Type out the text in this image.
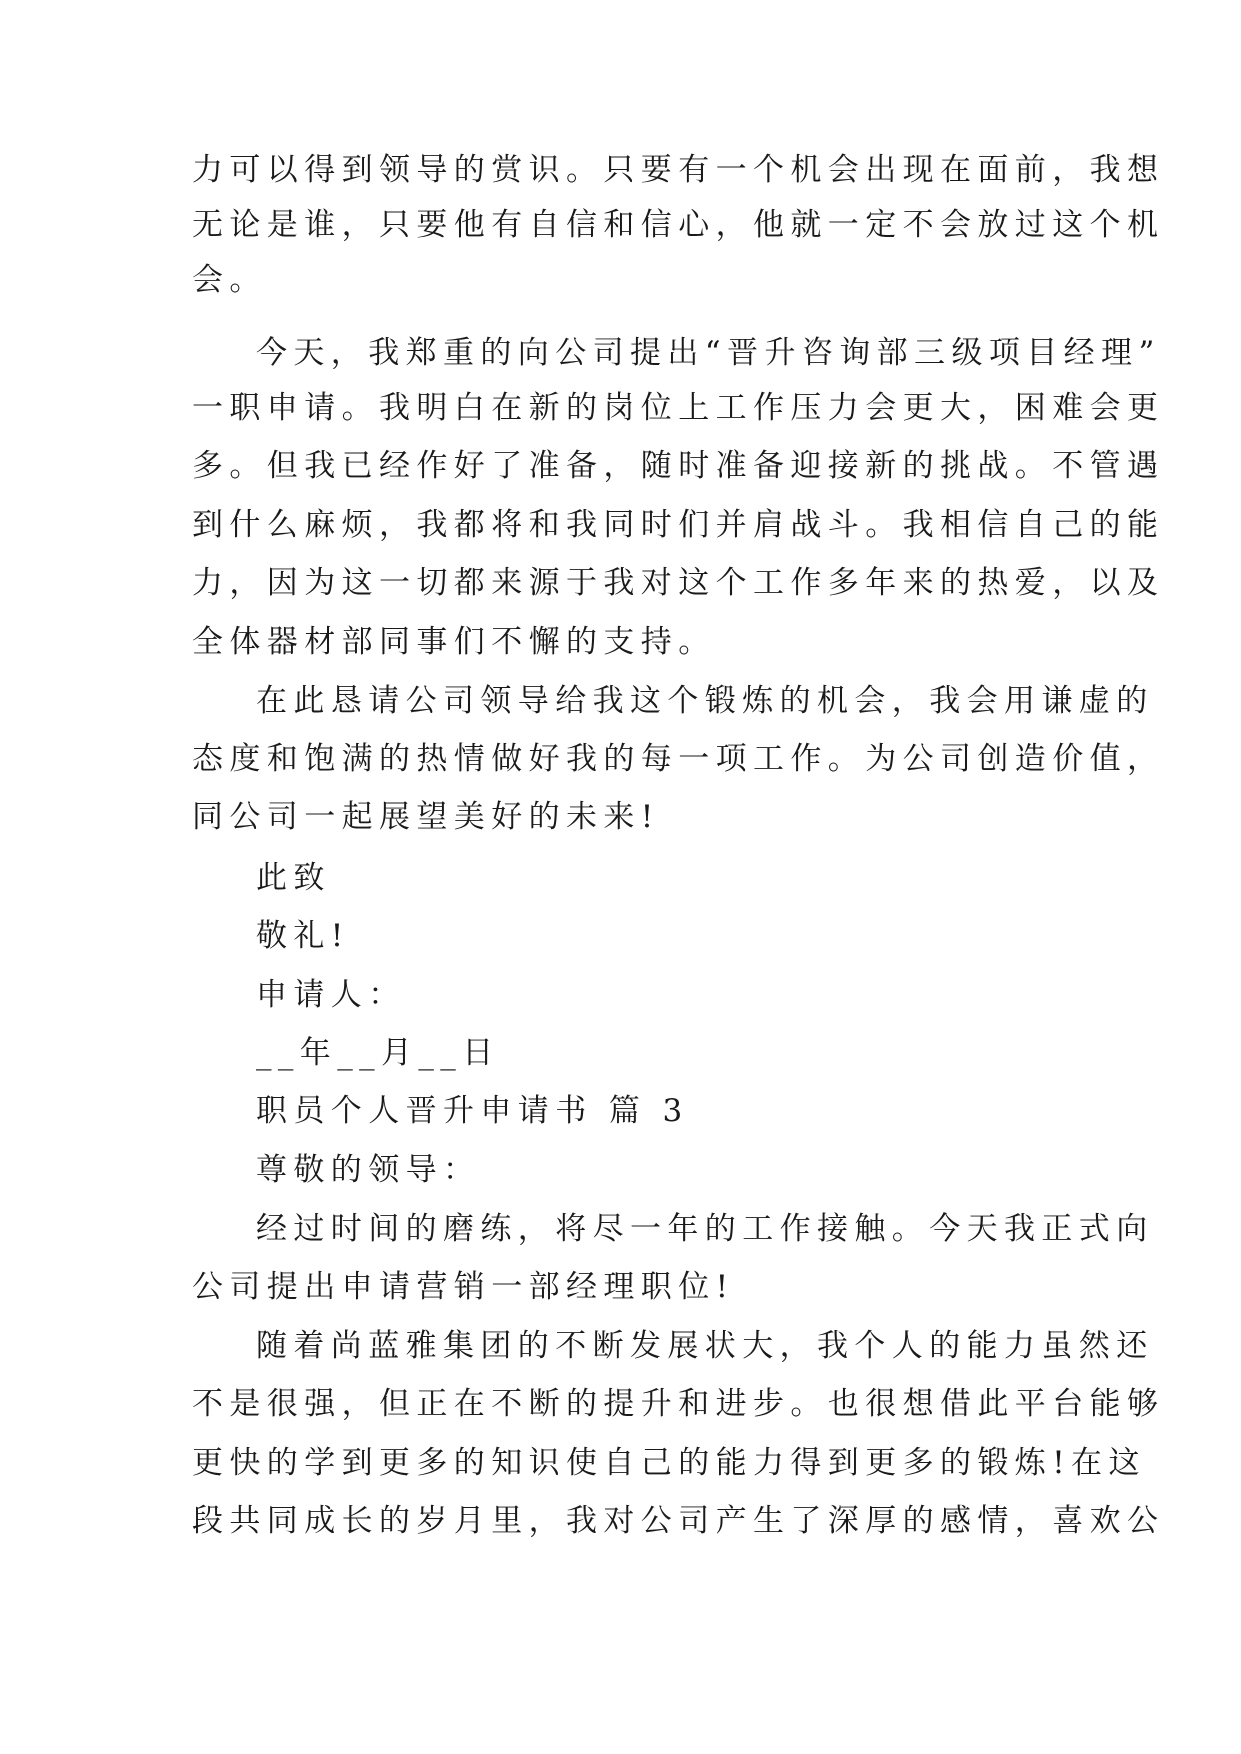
力可以得到领导的赏识。只要有一个机会出现在面前，我想
无论是谁，只要他有自信和信心，他就一定不会放过这个机
会。
今天，我郑重的向公司提出“晋升咨询部三级项目经理”
一职申请。我明白在新的岗位上工作压力会更大，困难会更
多。但我已经作好了准备，随时准备迎接新的挑战。不管遇
到什么麻烦，我都将和我同时们并肩战斗。我相信自己的能
力，因为这一切都来源于我对这个工作多年来的热爱，以及
全体器材部同事们不懈的支持。
在此恳请公司领导给我这个锻炼的机会，我会用谦虚的
态度和饱满的热情做好我的每一项工作。为公司创造价值，
同公司一起展望美好的未来!
此致
敬礼!
申请人：
__年__月__日
职员个人晋升申请书 篇 3
尊敬的领导：
经过时间的磨练，将尽一年的工作接触。今天我正式向
公司提出申请营销一部经理职位!
随着尚蓝雅集团的不断发展状大，我个人的能力虽然还
不是很强，但正在不断的提升和进步。也很想借此平台能够
更快的学到更多的知识使自己的能力得到更多的锻炼!在这
段共同成长的岁月里，我对公司产生了深厚的感情，喜欢公
